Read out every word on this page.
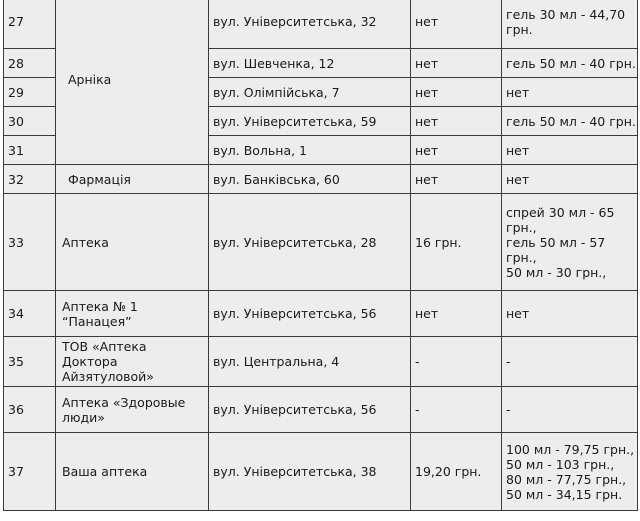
27	Арніка	вул. Університетська, 32	нет	гель 30 мл - 44,70
грн.

28		вул. Шевченка, 12	нет	гель 50 мл - 40 грн.

29		вул. Олімпійська, 7	нет	нет

30		вул. Університетська, 59	нет	гель 50 мл - 40 грн.

31		вул. Вольна, 1	нет	нет

32	Фармація	вул. Банківська, 60	нет	нет

33	Аптека	вул. Університетська, 28	16 грн.	спрей 30 мл - 65
грн.,
гель 50 мл - 57
грн.,
50 мл - 30 грн.,

34	Аптека № 1
“Панацея”	вул. Університетська, 56	нет	нет

35	ТОВ «Аптека Доктора
Айзятуловой»	вул. Центральна, 4	-	-

36	Аптека «Здоровые
люди»	вул. Університетська, 56	-	-

37	Ваша аптека	вул. Університетська, 38	19,20 грн.	100 мл - 79,75 грн.,
50 мл - 103 грн.,
80 мл - 77,75 грн.,
50 мл - 34,15 грн.
